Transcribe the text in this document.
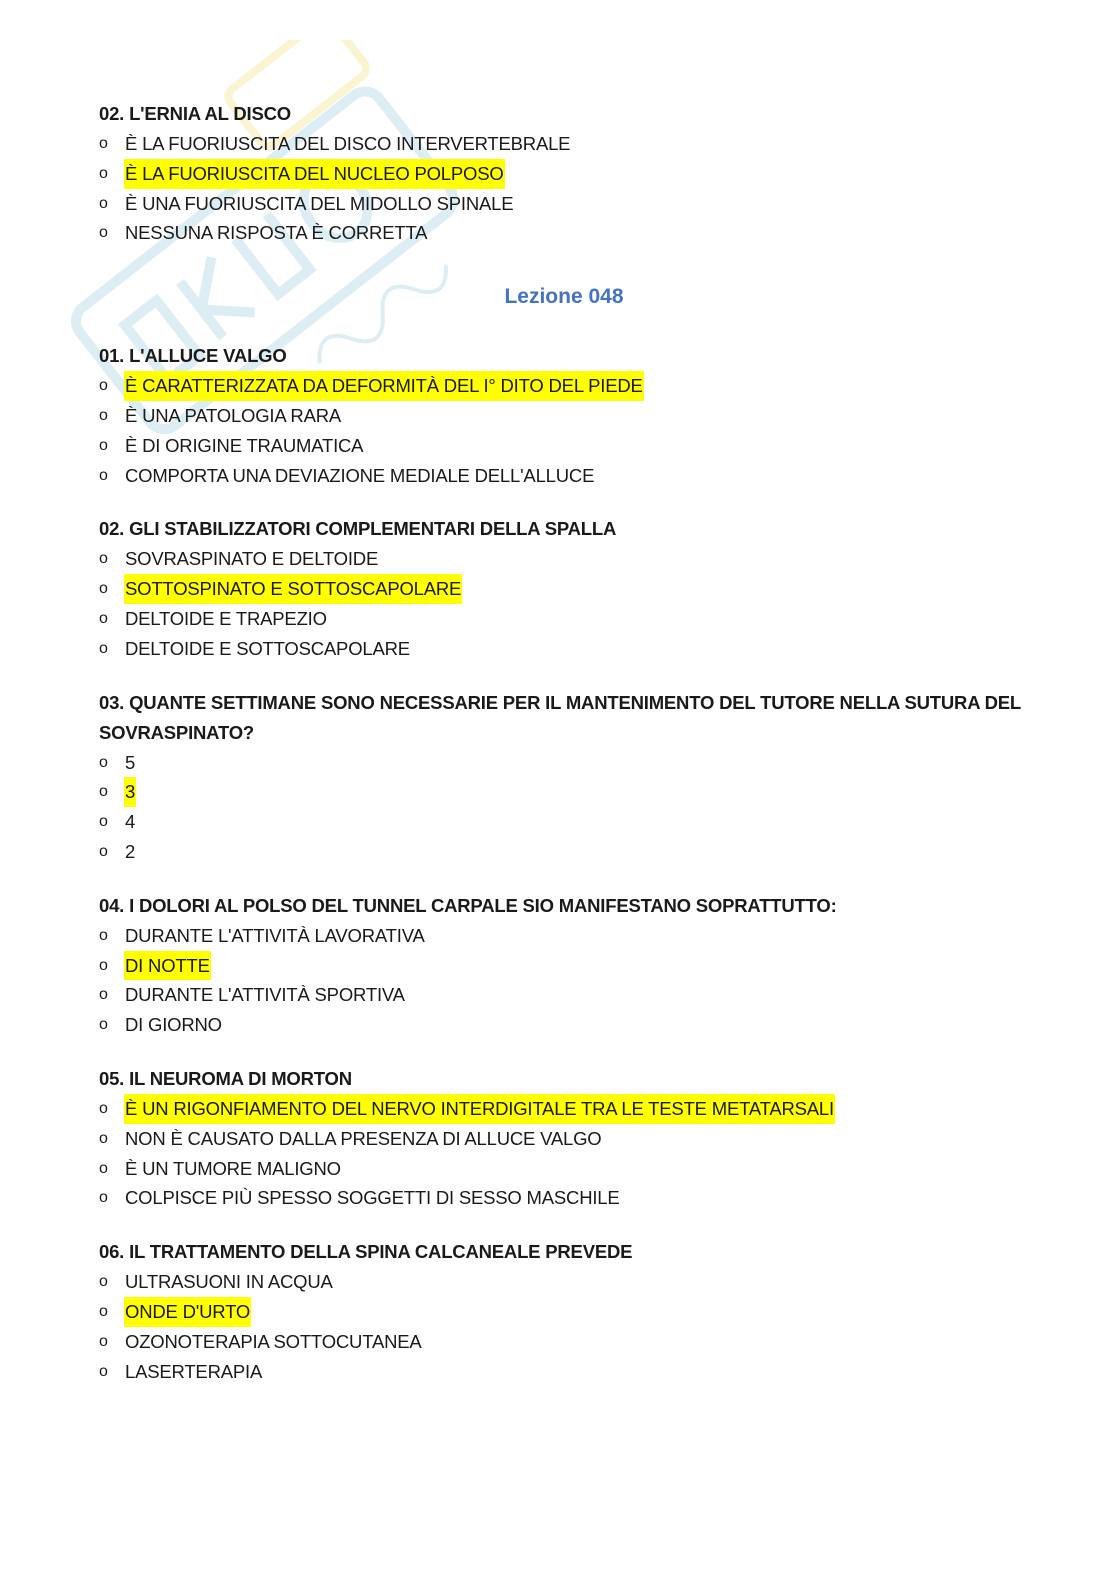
02. L'ERNIA AL DISCO
o È LA FUORIUSCITA DEL DISCO INTERVERTEBRALE
o È LA FUORIUSCITA DEL NUCLEO POLPOSO
o È UNA FUORIUSCITA DEL MIDOLLO SPINALE
o NESSUNA RISPOSTA È CORRETTA
Lezione 048
01. L'ALLUCE VALGO
o È CARATTERIZZATA DA DEFORMITÀ DEL I° DITO DEL PIEDE
o È UNA PATOLOGIA RARA
o È DI ORIGINE TRAUMATICA
o COMPORTA UNA DEVIAZIONE MEDIALE DELL'ALLUCE
02. GLI STABILIZZATORI COMPLEMENTARI DELLA SPALLA
o SOVRASPINATO E DELTOIDE
o SOTTOSPINATO E SOTTOSCAPOLARE
o DELTOIDE E TRAPEZIO
o DELTOIDE E SOTTOSCAPOLARE
03. QUANTE SETTIMANE SONO NECESSARIE PER IL MANTENIMENTO DEL TUTORE NELLA SUTURA DEL SOVRASPINATO?
o 5
o 3
o 4
o 2
04. I DOLORI AL POLSO DEL TUNNEL CARPALE SIO MANIFESTANO SOPRATTUTTO:
o DURANTE L'ATTIVITÀ LAVORATIVA
o DI NOTTE
o DURANTE L'ATTIVITÀ SPORTIVA
o DI GIORNO
05. IL NEUROMA DI MORTON
o È UN RIGONFIAMENTO DEL NERVO INTERDIGITALE TRA LE TESTE METATARSALI
o NON È CAUSATO DALLA PRESENZA DI ALLUCE VALGO
o È UN TUMORE MALIGNO
o COLPISCE PIÙ SPESSO SOGGETTI DI SESSO MASCHILE
06. IL TRATTAMENTO DELLA SPINA CALCANEALE PREVEDE
o ULTRASUONI IN ACQUA
o ONDE D'URTO
o OZONOTERAPIA SOTTOCUTANEA
o LASERTERAPIA
